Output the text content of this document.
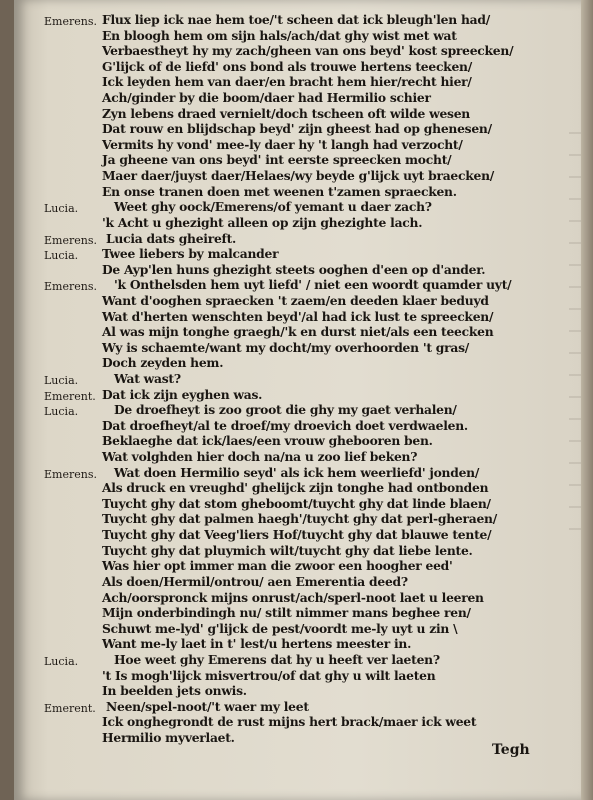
Emerens. Flux liep ick nae hem toe/'t scheen dat ick bleugh'len had/
En bloogh hem om sijn hals/ach/dat ghy wist met wat
Verbaestheyt hy my zach/gheen van ons beyd' kost spreecken/
G'lijck of de liefd' ons bond als trouwe hertens teecken/
Ick leyden hem van daer/en bracht hem hier/recht hier/
Ach/ginder by die boom/daer had Hermilio schier
Zyn lebens draed vernielt/doch tscheen oft wilde wesen
Dat rouw en blijdschap beyd' zijn gheest had op ghenesen/
Vermits hy vond' mee-ly daer hy 't langh had verzocht/
Ja gheene van ons beyd' int eerste spreecken mocht/
Maer daer/juyst daer/Helaes/wy beyde g'lijck uyt braecken/
En onse tranen doen met weenen t'zamen spraecken.
Lucia.	Weet ghy oock/Emerens/of yemant u daer zach?
'k Acht u ghezight alleen op zijn ghezighte lach.
Emerens. Lucia dats gheireft.
Lucia. Twee liebers by malcander
De Ayp'len huns ghezight steets ooghen d'een op d'ander.
Emerens. 'k Onthelsden hem uyt liefd' / niet een woordt quamder uyt/
Want d'ooghen spraecken 't zaem/en deeden klaer beduyd
Wat d'herten wenschten beyd'/al had ick lust te spreecken/
Al was mijn tonghe graegh/'k en durst niet/als een teecken
Wy is schaemte/want my docht/my overhoorden 't gras/
Doch zeyden hem.
Lucia.	Wat wast?
Emerent. Dat ick zijn eyghen was.
Lucia.	De droefheyt is zoo groot die ghy my gaet verhalen/
Dat droefheyt/al te droef/my droevich doet verdwaelen.
Beklaeghe dat ick/laes/een vrouw ghebooren ben.
Wat volghden hier doch na/na u zoo lief beken?
Emerens. Wat doen Hermilio seyd' als ick hem weerliefd' jonden/
Als druck en vreughd' ghelijck zijn tonghe had ontbonden
Tuycht ghy dat stom gheboomt/tuycht ghy dat linde blaen/
Tuycht ghy dat palmen haegh'/tuycht ghy dat perl-gheraen/
Tuycht ghy dat Veeg'liers Hof/tuycht ghy dat blauwe tente/
Tuycht ghy dat pluymich wilt/tuycht ghy dat liebe lente.
Was hier opt immer man die zwoor een hoogher eed'
Als doen/Hermil/ontrou/ aen Emerentia deed?
Ach/oorspronck mijns onrust/ach/sperl-noot laet u leeren
Mijn onderbindingh nu/ stilt nimmer mans beghee ren/
Schuwt me-lyd' g'lijck de pest/voordt me-ly uyt u zin \
Want me-ly laet in t' lest/u hertens meester in.
Lucia.	Hoe weet ghy Emerens dat hy u heeft ver laeten?
't Is mogh'lijck misvertrou/of dat ghy u wilt laeten
In beelden jets onwis.
Emerent. Neen/spel-noot/'t waer my leet
Ick onghegrondt de rust mijns hert brack/maer ick weet
Hermilio myverlaet.
Tegh
